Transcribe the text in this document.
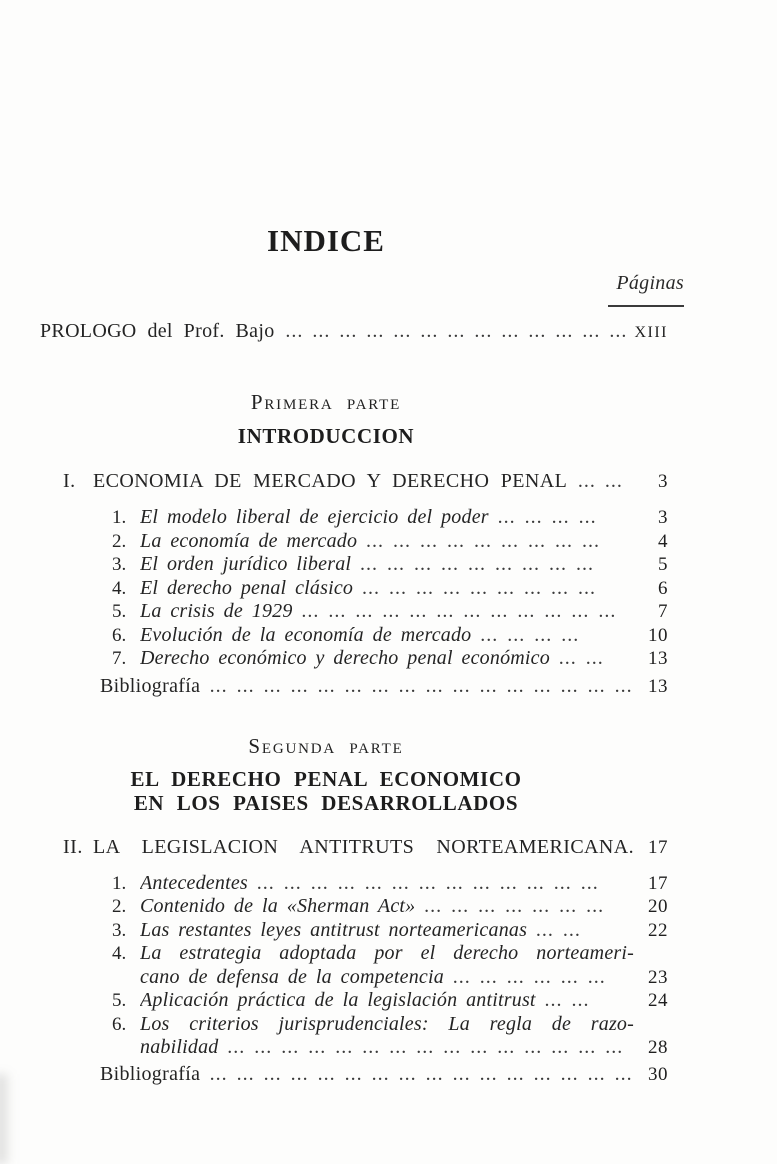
Páginas
INDICE
PROLOGO del Prof. Bajo ... ... ... ... ... ... ... ... ... ... ... ... ... XIII
Primera parte
INTRODUCCION
I. ECONOMIA DE MERCADO Y DERECHO PENAL ... ...	3
1. El modelo liberal de ejercicio del poder ... ... ... ...	3
2. La economía de mercado ... ... ... ... ... ... ... ... ...	4
3. El orden jurídico liberal ... ... ... ... ... ... ... ... ...	5
4. El derecho penal clásico ... ... ... ... ... ... ... ... ...	6
5. La crisis de 1929 ... ... ... ... ... ... ... ... ... ... ... ...	7
6. Evolución de la economía de mercado ... ... ... ...	10
7. Derecho económico y derecho penal económico ... ...	13
Bibliografía ... ... ... ... ... ... ... ... ... ... ... ... ... ... ... ... 13
Segunda parte
EL DERECHO PENAL ECONOMICO
EN LOS PAISES DESARROLLADOS
II. LA LEGISLACION ANTITRUTS NORTEAMERICANA. 17
1. Antecedentes ... ... ... ... ... ... ... ... ... ... ... ... ...	17
2. Contenido de la «Sherman Act» ... ... ... ... ... ... ...	20
3. Las restantes leyes antitrust norteamericanas ... ...	22
4. La estrategia adoptada por el derecho norteameri-
cano de defensa de la competencia ... ... ... ... ... ...	23
5. Aplicación práctica de la legislación antitrust ... ...	24
6. Los criterios jurisprudenciales: La regla de razo-
nabilidad ... ... ... ... ... ... ... ... ... ... ... ... ... ... ...	28
Bibliografía ... ... ... ... ... ... ... ... ... ... ... ... ... ... ... ... 30
